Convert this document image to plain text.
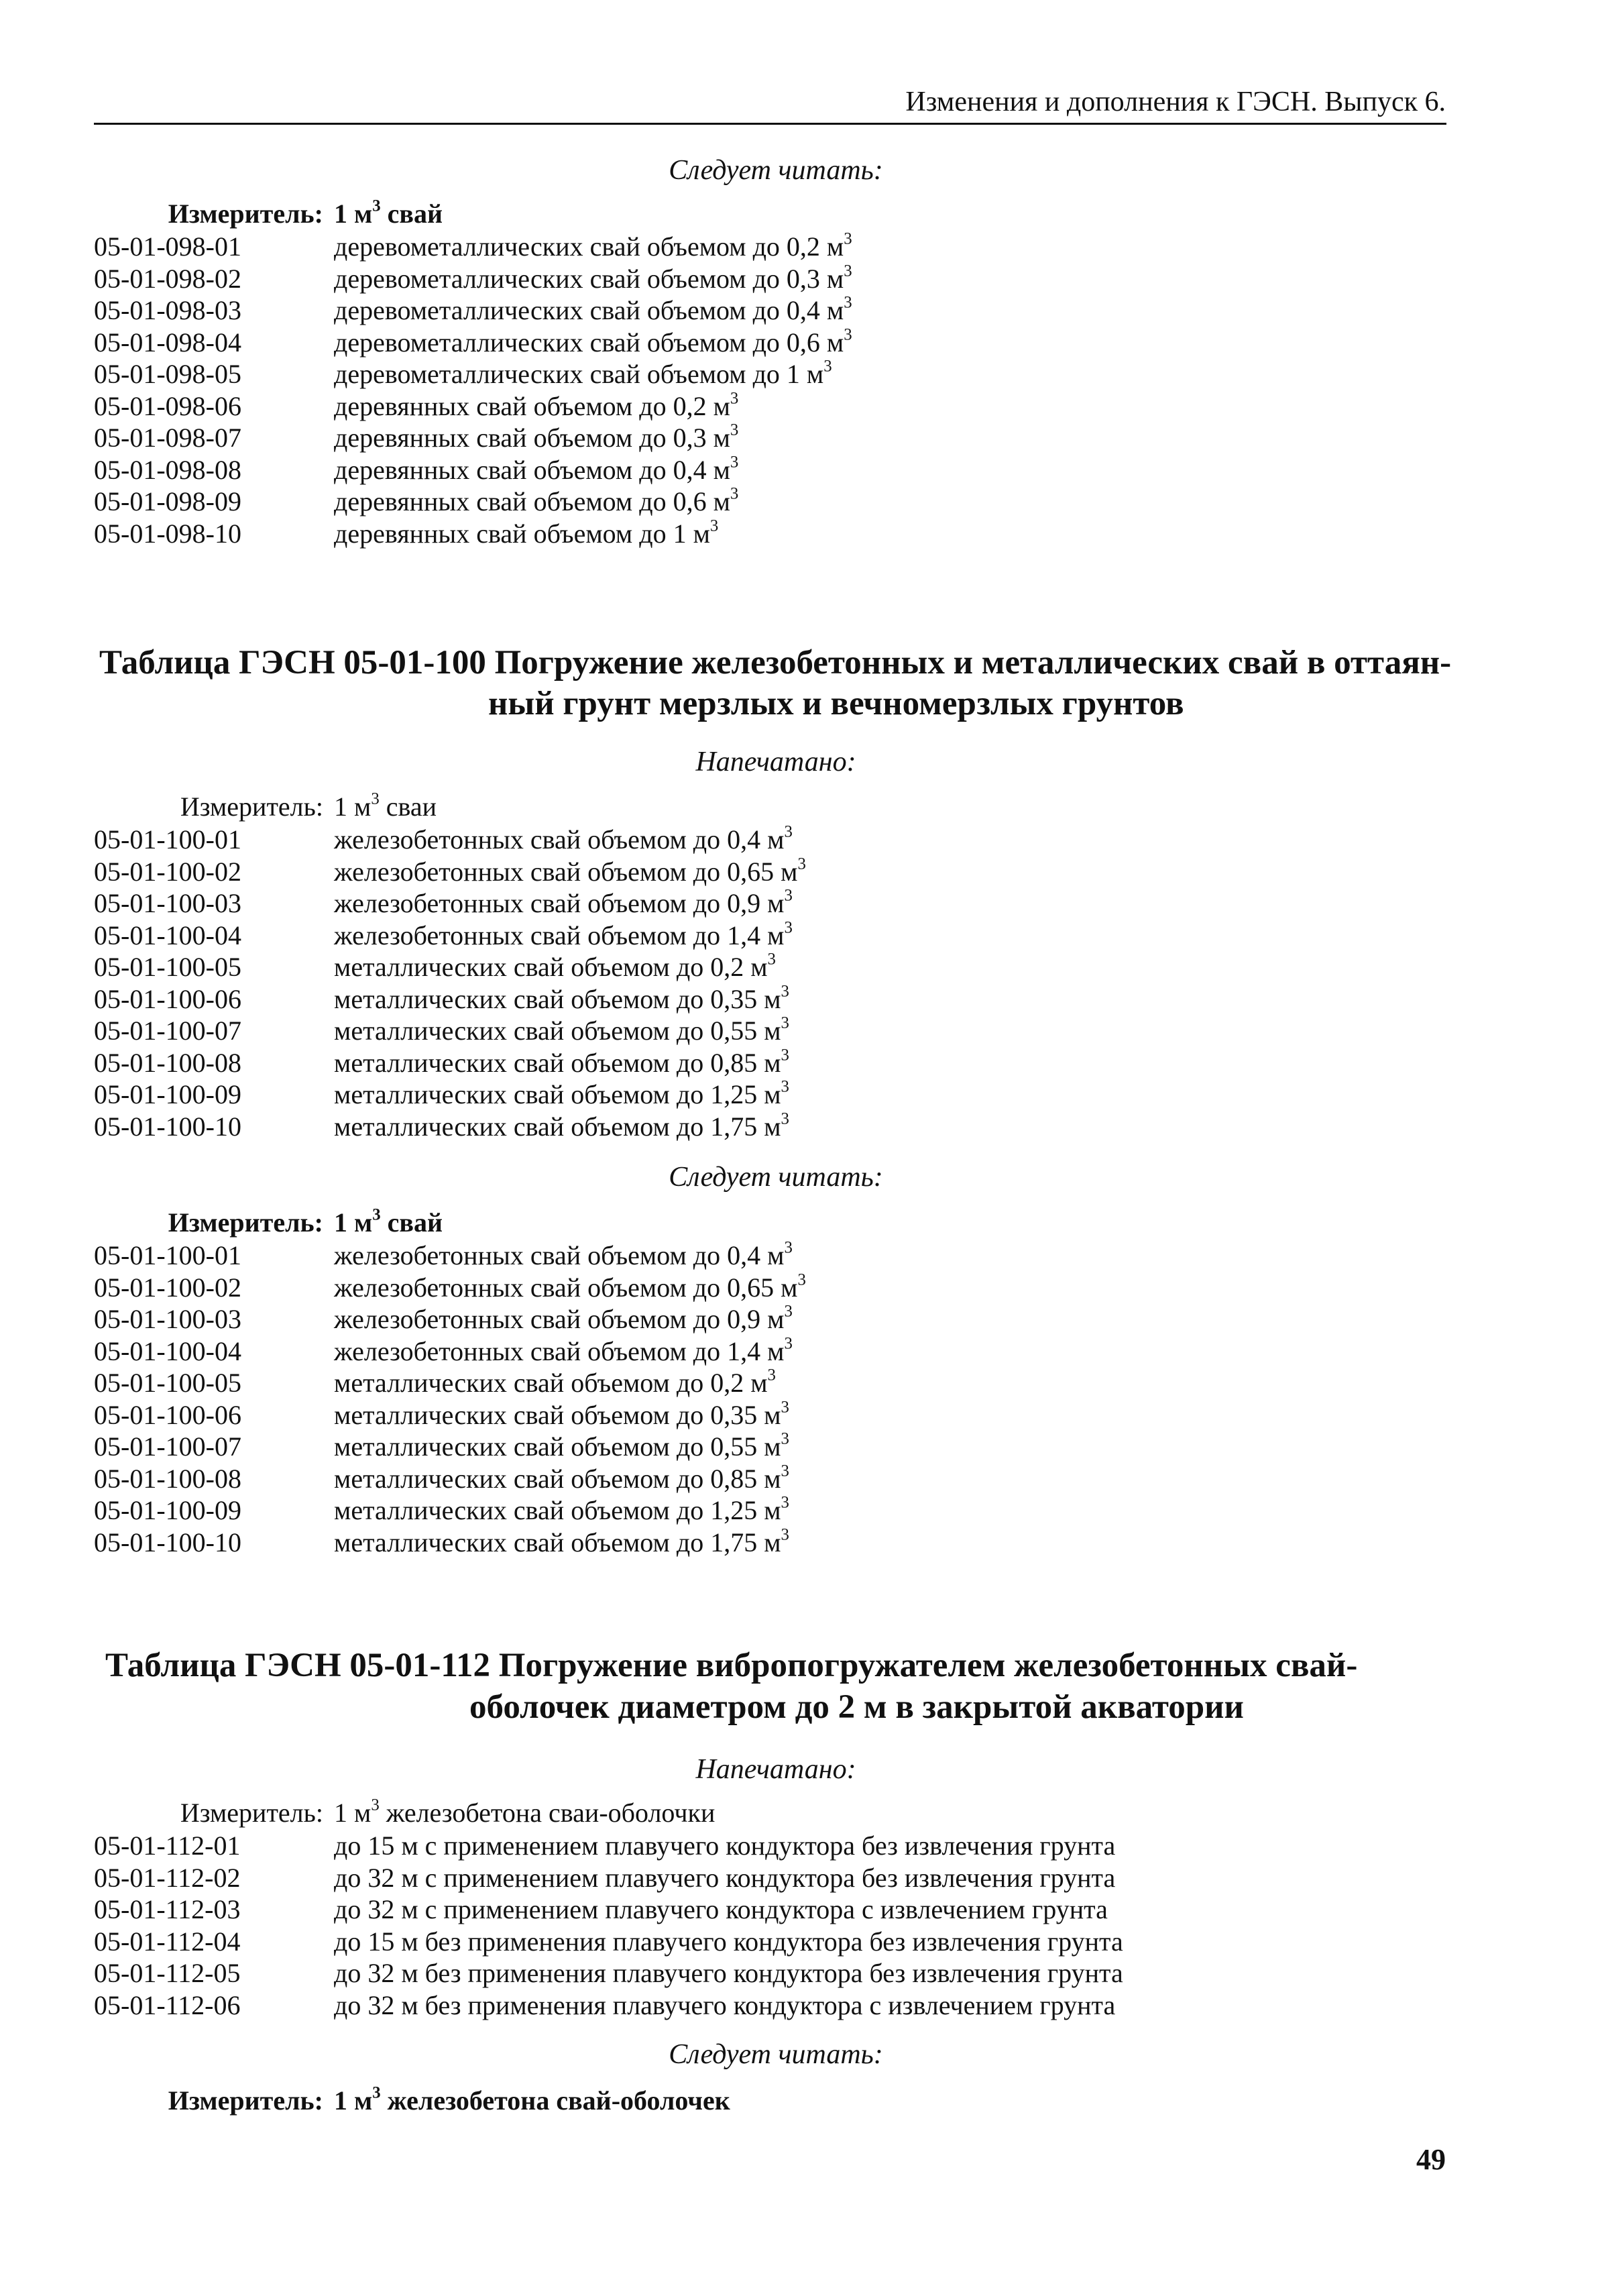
Изменения и дополнения к ГЭСН. Выпуск 6.
Следует читать:
Измеритель: 1 $м^3$ свай
05-01-098-01	деревометаллических свай объемом до 0,2 $м^3$
05-01-098-02	деревометаллических свай объемом до 0,3 $м^3$
05-01-098-03	деревометаллических свай объемом до 0,4 $м^3$
05-01-098-04	деревометаллических свай объемом до 0,6 $м^3$
05-01-098-05	деревометаллических свай объемом до 1 $м^3$
05-01-098-06	деревянных свай объемом до 0,2 $м^3$
05-01-098-07	деревянных свай объемом до 0,3 $м^3$
05-01-098-08	деревянных свай объемом до 0,4 $м^3$
05-01-098-09	деревянных свай объемом до 0,6 $м^3$
05-01-098-10	деревянных свай объемом до 1 $м^3$
Таблица ГЭСН 05-01-100 Погружение железобетонных и металлических свай в оттаян-
ный грунт мерзлых и вечномерзлых грунтов
Напечатано:
Измеритель: 1 $м^3$ сваи
05-01-100-01	железобетонных свай объемом до 0,4 $м^3$
05-01-100-02	железобетонных свай объемом до 0,65 $м^3$
05-01-100-03	железобетонных свай объемом до 0,9 $м^3$
05-01-100-04	железобетонных свай объемом до 1,4 $м^3$
05-01-100-05	металлических свай объемом до 0,2 $м^3$
05-01-100-06	металлических свай объемом до 0,35 $м^3$
05-01-100-07	металлических свай объемом до 0,55 $м^3$
05-01-100-08	металлических свай объемом до 0,85 $м^3$
05-01-100-09	металлических свай объемом до 1,25 $м^3$
05-01-100-10	металлических свай объемом до 1,75 $м^3$
Следует читать:
Измеритель: 1 $м^3$ свай
05-01-100-01	железобетонных свай объемом до 0,4 $м^3$
05-01-100-02	железобетонных свай объемом до 0,65 $м^3$
05-01-100-03	железобетонных свай объемом до 0,9 $м^3$
05-01-100-04	железобетонных свай объемом до 1,4 $м^3$
05-01-100-05	металлических свай объемом до 0,2 $м^3$
05-01-100-06	металлических свай объемом до 0,35 $м^3$
05-01-100-07	металлических свай объемом до 0,55 $м^3$
05-01-100-08	металлических свай объемом до 0,85 $м^3$
05-01-100-09	металлических свай объемом до 1,25 $м^3$
05-01-100-10	металлических свай объемом до 1,75 $м^3$
Таблица ГЭСН 05-01-112 Погружение вибропогружателем железобетонных свай-
оболочек диаметром до 2 м в закрытой акватории
Напечатано:
Измеритель: 1 $м^3$ железобетона сваи-оболочки
05-01-112-01	до 15 м с применением плавучего кондуктора без извлечения грунта
05-01-112-02	до 32 м с применением плавучего кондуктора без извлечения грунта
05-01-112-03	до 32 м с применением плавучего кондуктора с извлечением грунта
05-01-112-04	до 15 м без применения плавучего кондуктора без извлечения грунта
05-01-112-05	до 32 м без применения плавучего кондуктора без извлечения грунта
05-01-112-06	до 32 м без применения плавучего кондуктора с извлечением грунта
Следует читать:
Измеритель: 1 $м^3$ железобетона свай-оболочек
49
